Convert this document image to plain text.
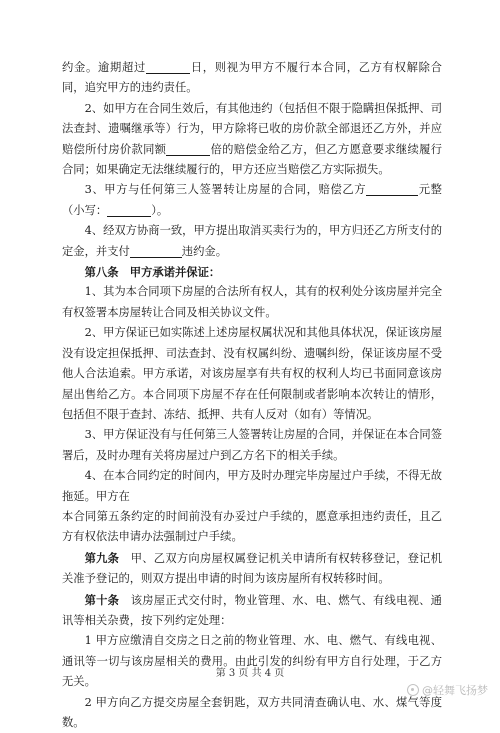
约金。逾期超过	日，则视为甲方不履行本合同，乙方有权解除合同，追究甲方的违约责任。

2、如甲方在合同生效后，有其他违约（包括但不限于隐瞒担保抵押、司法查封、遗嘱继承等）行为，甲方除将已收的房价款全部退还乙方外，并应赔偿所付房价款同额	倍的赔偿金给乙方，但乙方愿意要求继续履行合同；如果确定无法继续履行的，甲方还应当赔偿乙方实际损失。

3、甲方与任何第三人签署转让房屋的合同，赔偿乙方	元整（小写：	）。

4、经双方协商一致，甲方提出取消买卖行为的，甲方归还乙方所支付的定金，并支付	违约金。

第八条　甲方承诺并保证：

1、其为本合同项下房屋的合法所有权人，其有的权利处分该房屋并完全有权签署本房屋转让合同及相关协议文件。

2、甲方保证已如实陈述上述房屋权属状况和其他具体状况，保证该房屋没有设定担保抵押、司法查封、没有权属纠纷、遗嘱纠纷，保证该房屋不受他人合法追索。甲方承诺，对该房屋享有共有权的权利人均已书面同意该房屋出售给乙方。本合同项下房屋不存在任何限制或者影响本次转让的情形，包括但不限于查封、冻结、抵押、共有人反对（如有）等情况。

3、甲方保证没有与任何第三人签署转让房屋的合同，并保证在本合同签署后，及时办理有关将房屋过户到乙方名下的相关手续。

4、在本合同约定的时间内，甲方及时办理完毕房屋过户手续，不得无故拖延。甲方在

本合同第五条约定的时间前没有办妥过户手续的，愿意承担违约责任，且乙方有权依法申请办法强制过户手续。

第九条　甲、乙双方向房屋权属登记机关申请所有权转移登记，登记机关准予登记的，则双方提出申请的时间为该房屋所有权转移时间。

第十条　该房屋正式交付时，物业管理、水、电、燃气、有线电视、通讯等相关杂费，按下列约定处理：

1 甲方应缴清自交房之日之前的物业管理、水、电、燃气、有线电视、通讯等一切与该房屋相关的费用。由此引发的纠纷有甲方自行处理，于乙方无关。

2 甲方向乙方提交房屋全套钥匙，双方共同清查确认电、水、煤气等度数。

第 3 页 共 4 页
@轻舞飞扬梦
